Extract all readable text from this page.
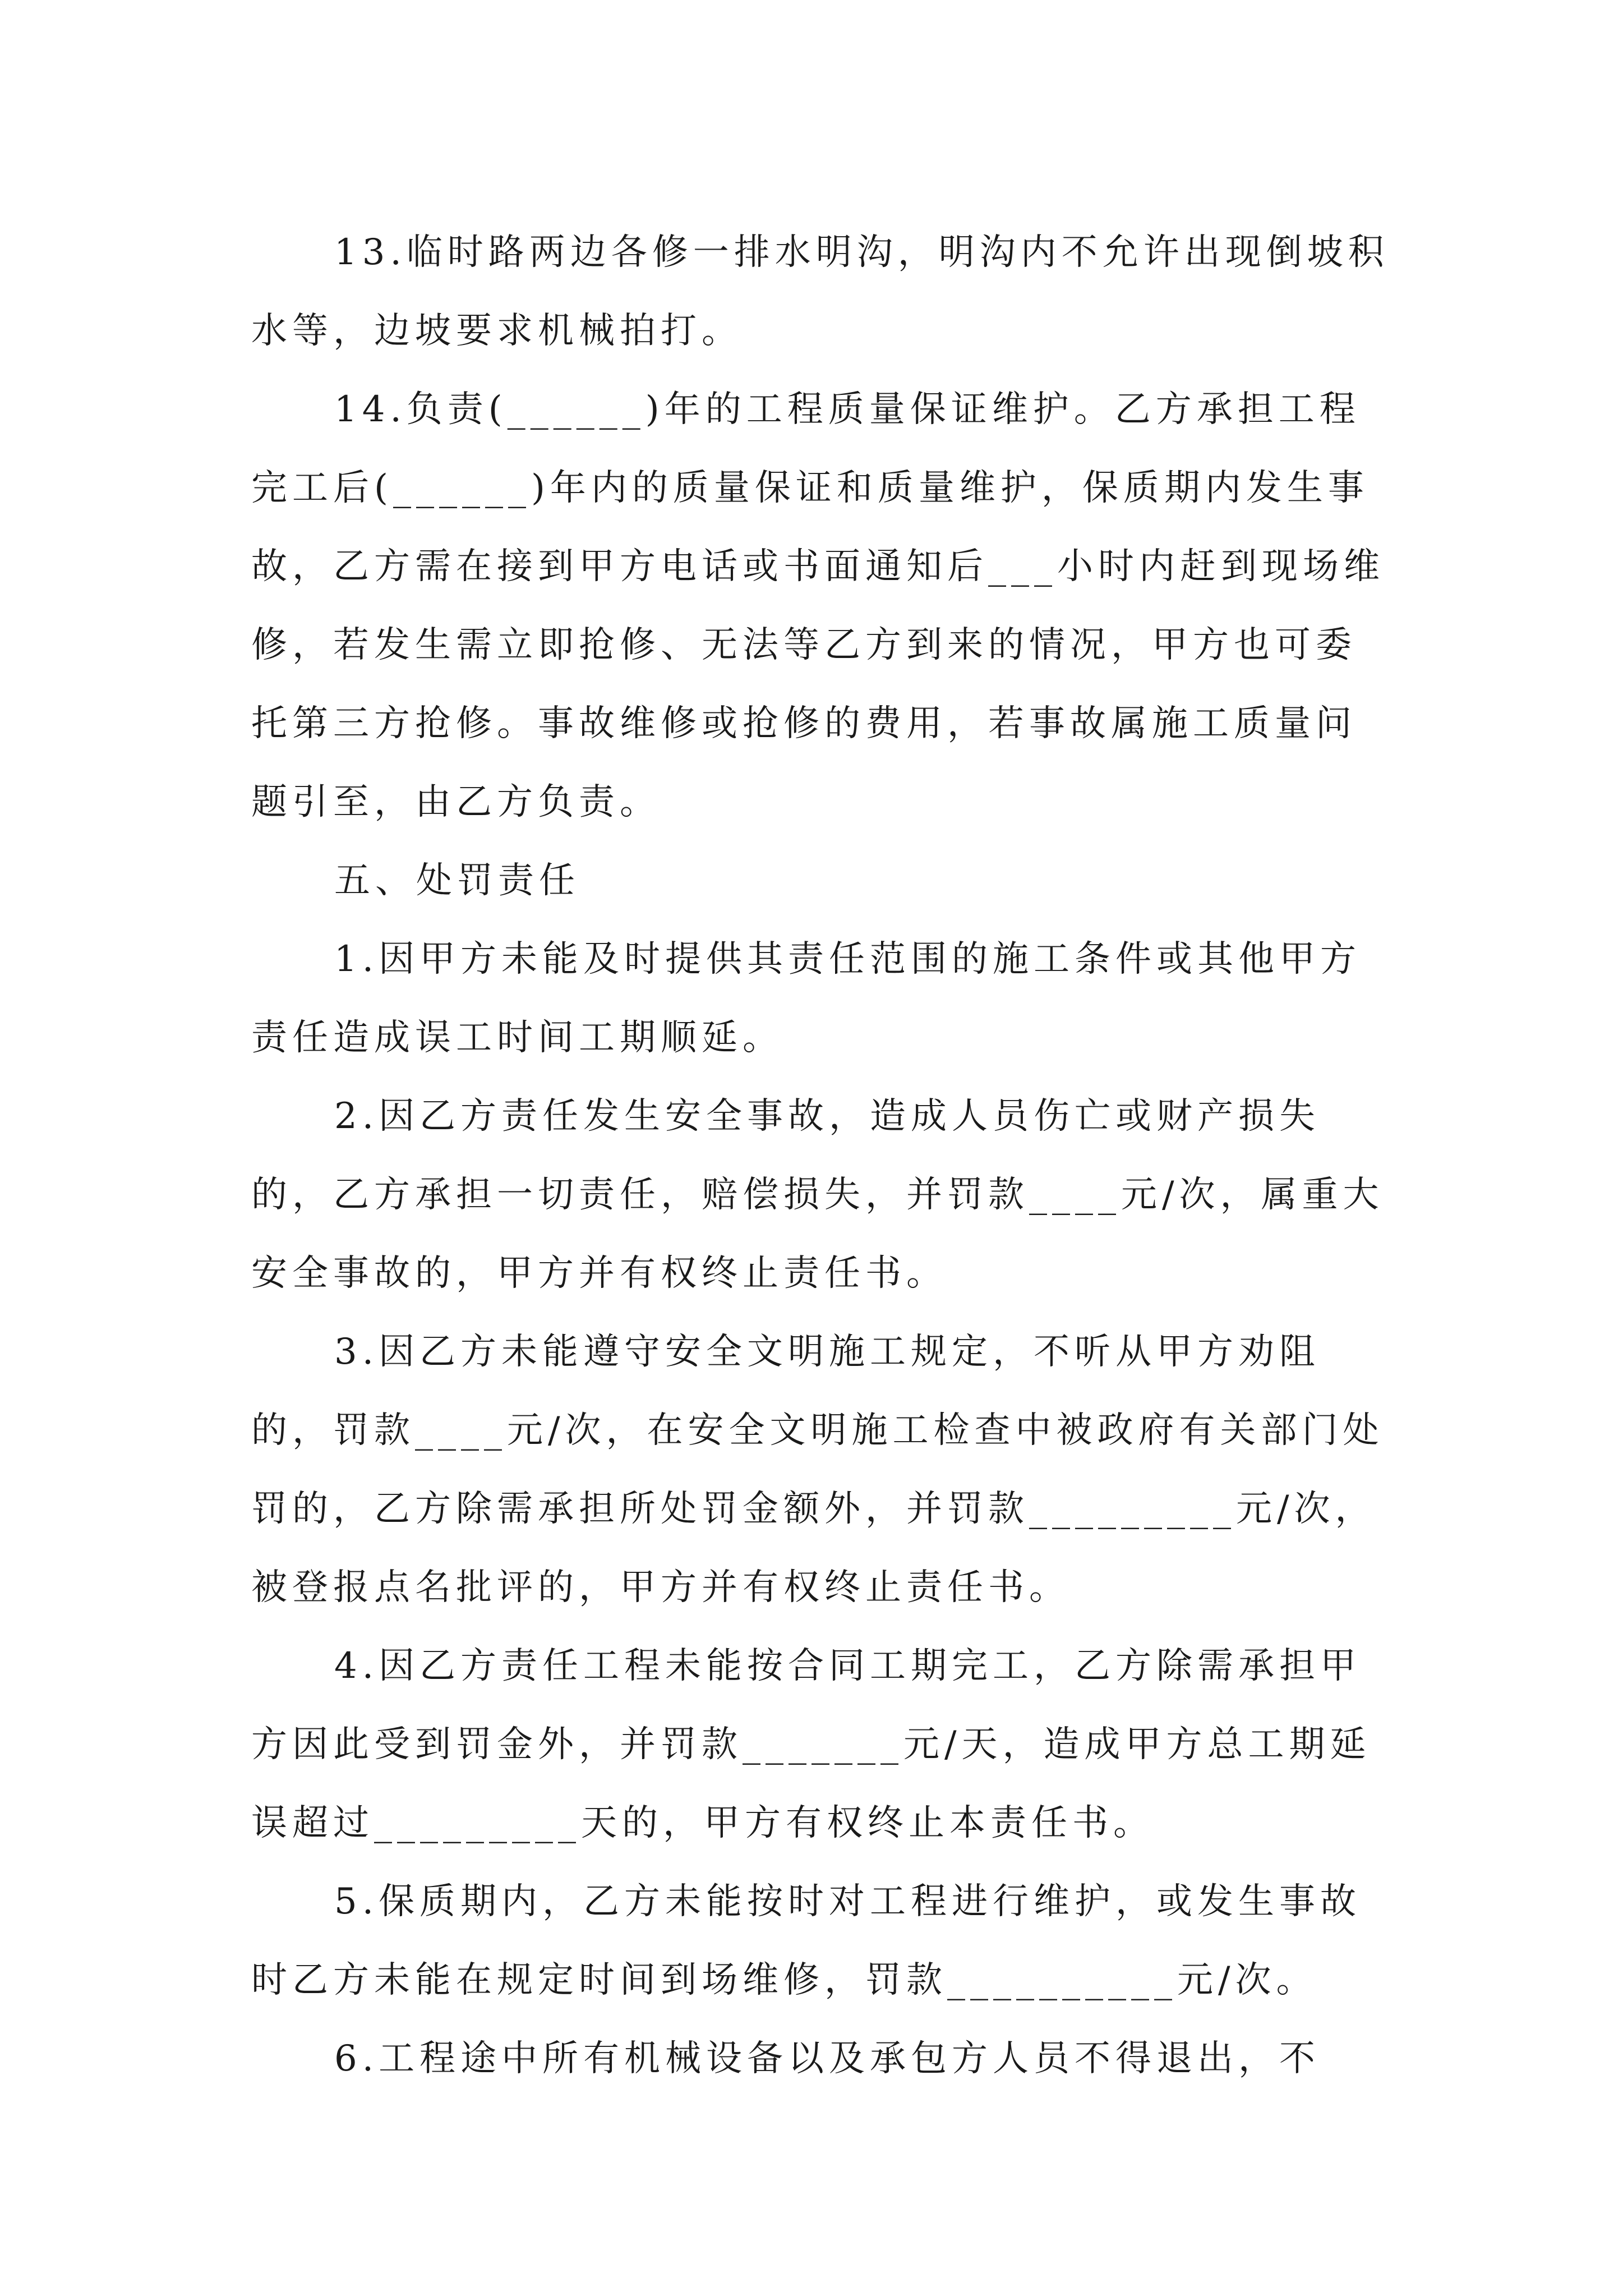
13.临时路两边各修一排水明沟，明沟内不允许出现倒坡积水等，边坡要求机械拍打。

14.负责(______)年的工程质量保证维护。乙方承担工程完工后(______)年内的质量保证和质量维护，保质期内发生事故，乙方需在接到甲方电话或书面通知后___小时内赶到现场维修，若发生需立即抢修、无法等乙方到来的情况，甲方也可委托第三方抢修。事故维修或抢修的费用，若事故属施工质量问题引至，由乙方负责。

五、处罚责任

1.因甲方未能及时提供其责任范围的施工条件或其他甲方责任造成误工时间工期顺延。

2.因乙方责任发生安全事故，造成人员伤亡或财产损失的，乙方承担一切责任，赔偿损失，并罚款____元/次，属重大安全事故的，甲方并有权终止责任书。

3.因乙方未能遵守安全文明施工规定，不听从甲方劝阻的，罚款____元/次，在安全文明施工检查中被政府有关部门处罚的，乙方除需承担所处罚金额外，并罚款_________元/次，被登报点名批评的，甲方并有权终止责任书。

4.因乙方责任工程未能按合同工期完工，乙方除需承担甲方因此受到罚金外，并罚款_______元/天，造成甲方总工期延误超过_________天的，甲方有权终止本责任书。

5.保质期内，乙方未能按时对工程进行维护，或发生事故时乙方未能在规定时间到场维修，罚款__________元/次。

6.工程途中所有机械设备以及承包方人员不得退出，不
